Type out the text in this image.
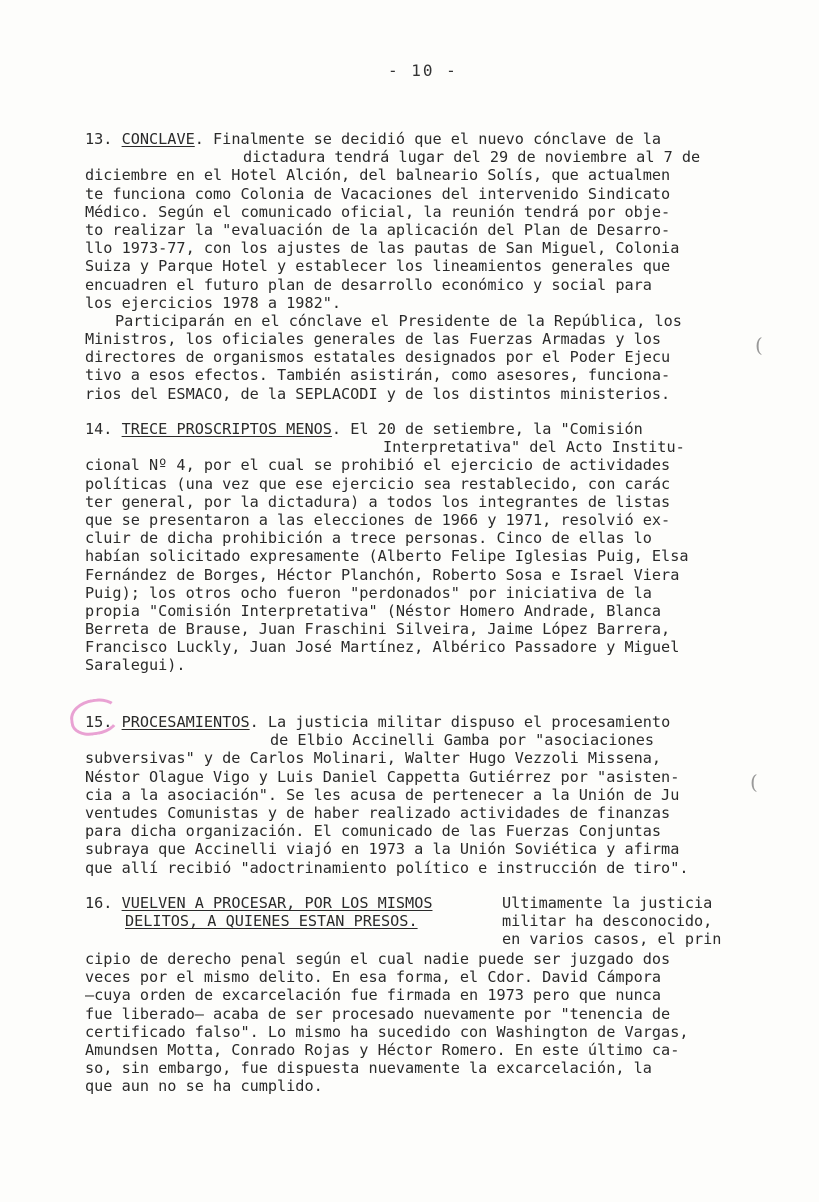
- 10 -
13. CONCLAVE. Finalmente se decidió que el nuevo cónclave de la
dictadura tendrá lugar del 29 de noviembre al 7 de
diciembre en el Hotel Alción, del balneario Solís, que actualmen
te funciona como Colonia de Vacaciones del intervenido Sindicato
Médico. Según el comunicado oficial, la reunión tendrá por obje-
to realizar la "evaluación de la aplicación del Plan de Desarro-
llo 1973-77, con los ajustes de las pautas de San Miguel, Colonia
Suiza y Parque Hotel y establecer los lineamientos generales que
encuadren el futuro plan de desarrollo económico y social para
los ejercicios 1978 a 1982".
Participarán en el cónclave el Presidente de la República, los
Ministros, los oficiales generales de las Fuerzas Armadas y los
directores de organismos estatales designados por el Poder Ejecu
tivo a esos efectos. También asistirán, como asesores, funciona-
rios del ESMACO, de la SEPLACODI y de los distintos ministerios.
(
14. TRECE PROSCRIPTOS MENOS. El 20 de setiembre, la "Comisión
Interpretativa" del Acto Institu-
cional Nº 4, por el cual se prohibió el ejercicio de actividades
políticas (una vez que ese ejercicio sea restablecido, con carác
ter general, por la dictadura) a todos los integrantes de listas
que se presentaron a las elecciones de 1966 y 1971, resolvió ex-
cluir de dicha prohibición a trece personas. Cinco de ellas lo
habían solicitado expresamente (Alberto Felipe Iglesias Puig, Elsa
Fernández de Borges, Héctor Planchón, Roberto Sosa e Israel Viera
Puig); los otros ocho fueron "perdonados" por iniciativa de la
propia "Comisión Interpretativa" (Néstor Homero Andrade, Blanca
Berreta de Brause, Juan Fraschini Silveira, Jaime López Barrera,
Francisco Luckly, Juan José Martínez, Albérico Passadore y Miguel
Saralegui).
15. PROCESAMIENTOS. La justicia militar dispuso el procesamiento
de Elbio Accinelli Gamba por "asociaciones
subversivas" y de Carlos Molinari, Walter Hugo Vezzoli Missena,
Néstor Olague Vigo y Luis Daniel Cappetta Gutiérrez por "asisten-
cia a la asociación". Se les acusa de pertenecer a la Unión de Ju
ventudes Comunistas y de haber realizado actividades de finanzas
para dicha organización. El comunicado de las Fuerzas Conjuntas
subraya que Accinelli viajó en 1973 a la Unión Soviética y afirma
que allí recibió "adoctrinamiento político e instrucción de tiro".
(
16. VUELVEN A PROCESAR, POR LOS MISMOS
DELITOS, A QUIENES ESTAN PRESOS.
Ultimamente la justicia
militar ha desconocido,
en varios casos, el prin
cipio de derecho penal según el cual nadie puede ser juzgado dos
veces por el mismo delito. En esa forma, el Cdor. David Cámpora
—cuya orden de excarcelación fue firmada en 1973 pero que nunca
fue liberado— acaba de ser procesado nuevamente por "tenencia de
certificado falso". Lo mismo ha sucedido con Washington de Vargas,
Amundsen Motta, Conrado Rojas y Héctor Romero. En este último ca-
so, sin embargo, fue dispuesta nuevamente la excarcelación, la
que aun no se ha cumplido.
